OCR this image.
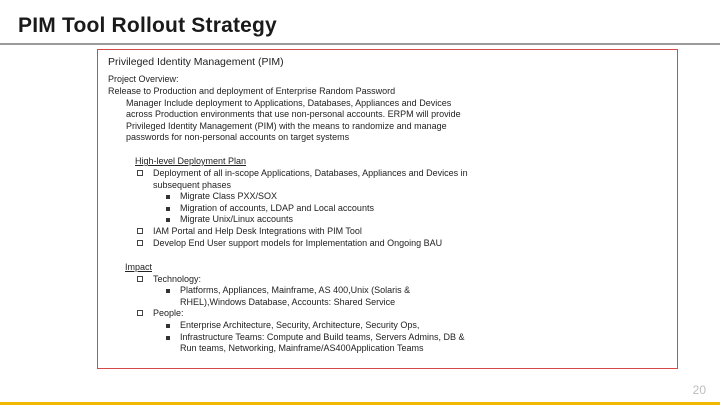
PIM Tool Rollout Strategy
Privileged Identity Management (PIM)
Project Overview:
Release to Production and deployment of Enterprise Random Password
Manager Include deployment to Applications, Databases, Appliances and Devices
across Production environments that use non-personal accounts. ERPM will provide
Privileged Identity Management (PIM) with the means to randomize and manage
passwords for non-personal accounts on target systems
High-level Deployment Plan
Deployment of all in-scope Applications, Databases, Appliances and Devices in
subsequent phases
Migrate Class PXX/SOX
Migration of accounts, LDAP and Local accounts
Migrate Unix/Linux accounts
IAM Portal and Help Desk Integrations with PIM Tool
Develop End User support models for Implementation and Ongoing BAU
Impact
Technology:
Platforms, Appliances, Mainframe, AS 400,Unix (Solaris &
RHEL),Windows Database, Accounts: Shared Service
People:
Enterprise Architecture, Security, Architecture, Security Ops,
Infrastructure Teams: Compute and Build teams, Servers Admins, DB &
Run teams, Networking, Mainframe/AS400Application Teams
20
